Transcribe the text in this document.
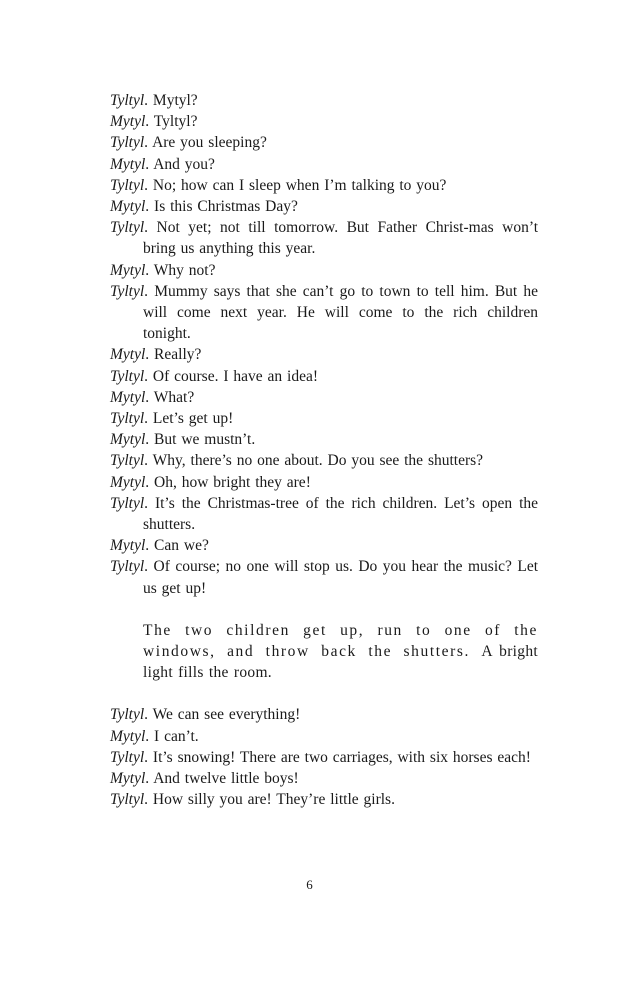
Tyltyl. Mytyl?
Mytyl. Tyltyl?
Tyltyl. Are you sleeping?
Mytyl. And you?
Tyltyl. No; how can I sleep when I’m talking to you?
Mytyl. Is this Christmas Day?
Tyltyl. Not yet; not till tomorrow. But Father Christ-mas won’t bring us anything this year.
Mytyl. Why not?
Tyltyl. Mummy says that she can’t go to town to tell him. But he will come next year. He will come to the rich children tonight.
Mytyl. Really?
Tyltyl. Of course. I have an idea!
Mytyl. What?
Tyltyl. Let’s get up!
Mytyl. But we mustn’t.
Tyltyl. Why, there’s no one about. Do you see the shutters?
Mytyl. Oh, how bright they are!
Tyltyl. It’s the Christmas-tree of the rich children. Let’s open the shutters.
Mytyl. Can we?
Tyltyl. Of course; no one will stop us. Do you hear the music? Let us get up!
The two children get up, run to one of the windows, and throw back the shutters. A bright light fills the room.
Tyltyl. We can see everything!
Mytyl. I can’t.
Tyltyl. It’s snowing! There are two carriages, with six horses each!
Mytyl. And twelve little boys!
Tyltyl. How silly you are! They’re little girls.
6
